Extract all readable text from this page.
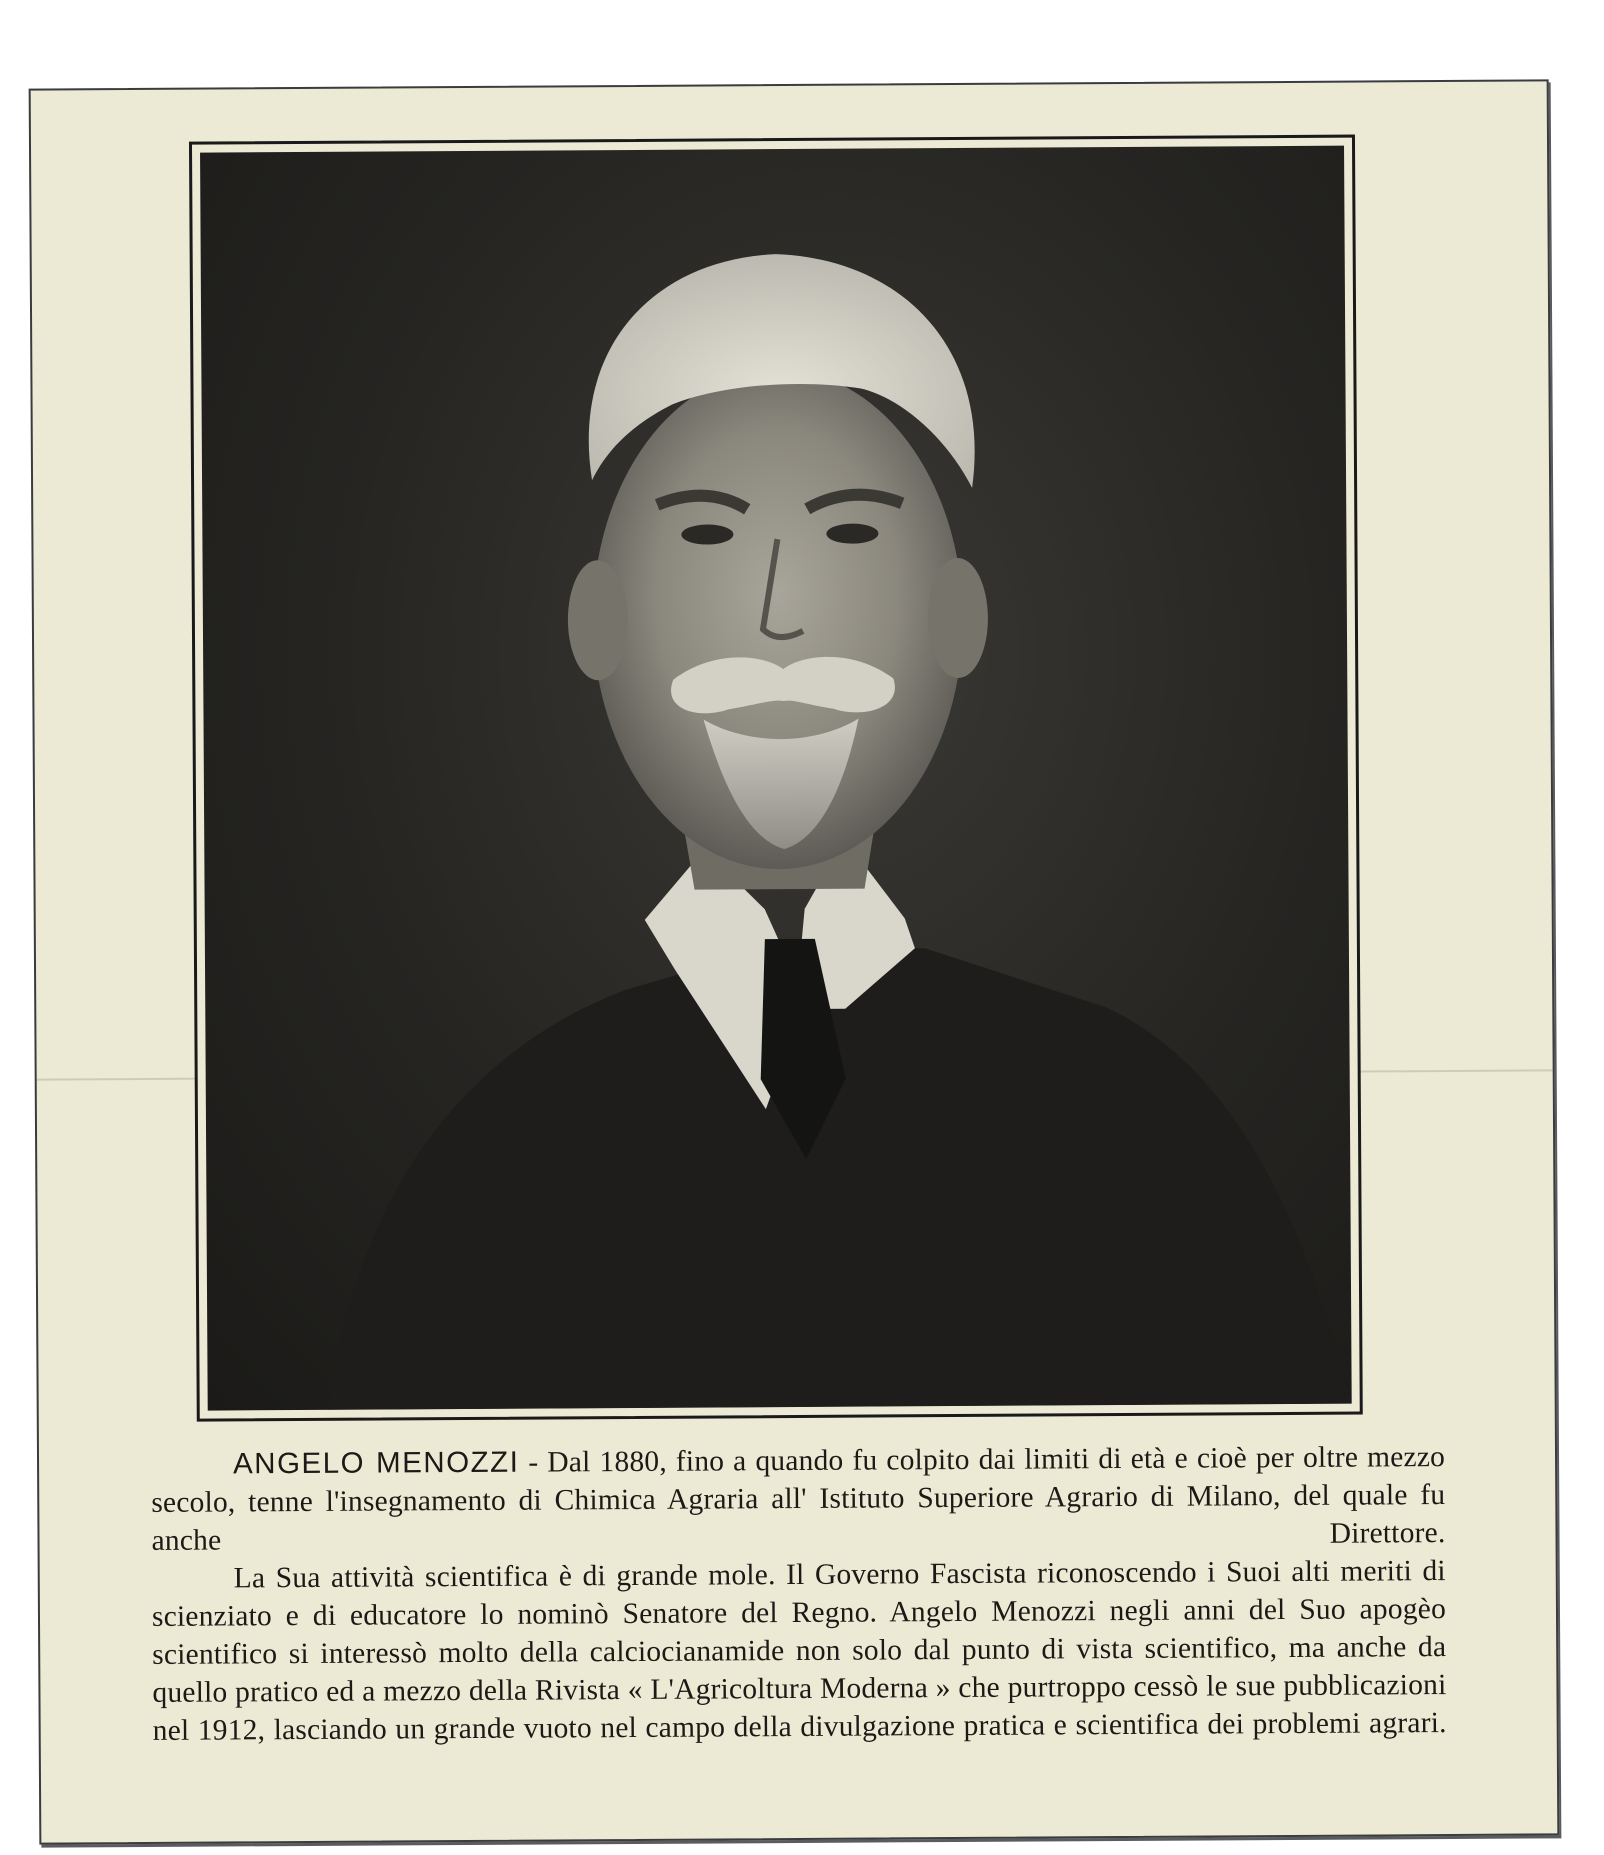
ANGELO MENOZZI - Dal 1880, fino a quando fu colpito dai limiti di età e cioè per oltre mezzo secolo, tenne l'insegnamento di Chimica Agraria all' Istituto Superiore Agrario di Milano, del quale fu anche Direttore.

La Sua attività scientifica è di grande mole. Il Governo Fascista riconoscendo i Suoi alti meriti di scienziato e di educatore lo nominò Senatore del Regno. Angelo Menozzi negli anni del Suo apogèo scientifico si interessò molto della calciocianamide non solo dal punto di vista scientifico, ma anche da quello pratico ed a mezzo della Rivista « L'Agricoltura Moderna » che purtroppo cessò le sue pubblicazioni nel 1912, lasciando un grande vuoto nel campo della divulgazione pratica e scientifica dei problemi agrari.
